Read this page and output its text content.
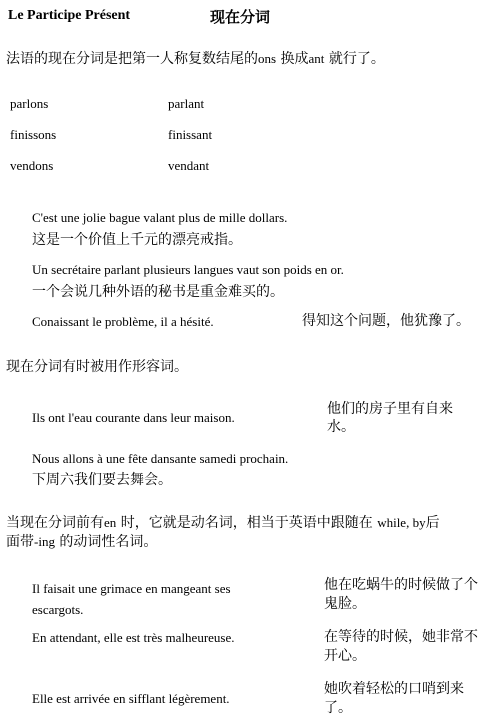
Le Participe Présent	现在分词
法语的现在分词是把第一人称复数结尾的ons 换成ant 就行了。
parlons	parlant
finissons	finissant
vendons	vendant
C'est une jolie bague valant plus de mille dollars.
这是一个价值上千元的漂亮戒指。
Un secrétaire parlant plusieurs langues vaut son poids en or.
一个会说几种外语的秘书是重金难买的。
Conaissant le problème, il a hésité.	得知这个问题，他犹豫了。
现在分词有时被用作形容词。
Ils ont l'eau courante dans leur maison.
他们的房子里有自来水。
Nous allons à une fête dansante samedi prochain.
下周六我们要去舞会。
当现在分词前有en 时，它就是动名词，相当于英语中跟随在 while, by后
面带-ing 的动词性名词。
Il faisait une grimace en mangeant ses escargots.
他在吃蜗牛的时候做了个鬼脸。
En attendant, elle est très malheureuse.	在等待的时候，她非常不开心。
Elle est arrivée en sifflant légèrement.
她吹着轻松的口哨到来了。
